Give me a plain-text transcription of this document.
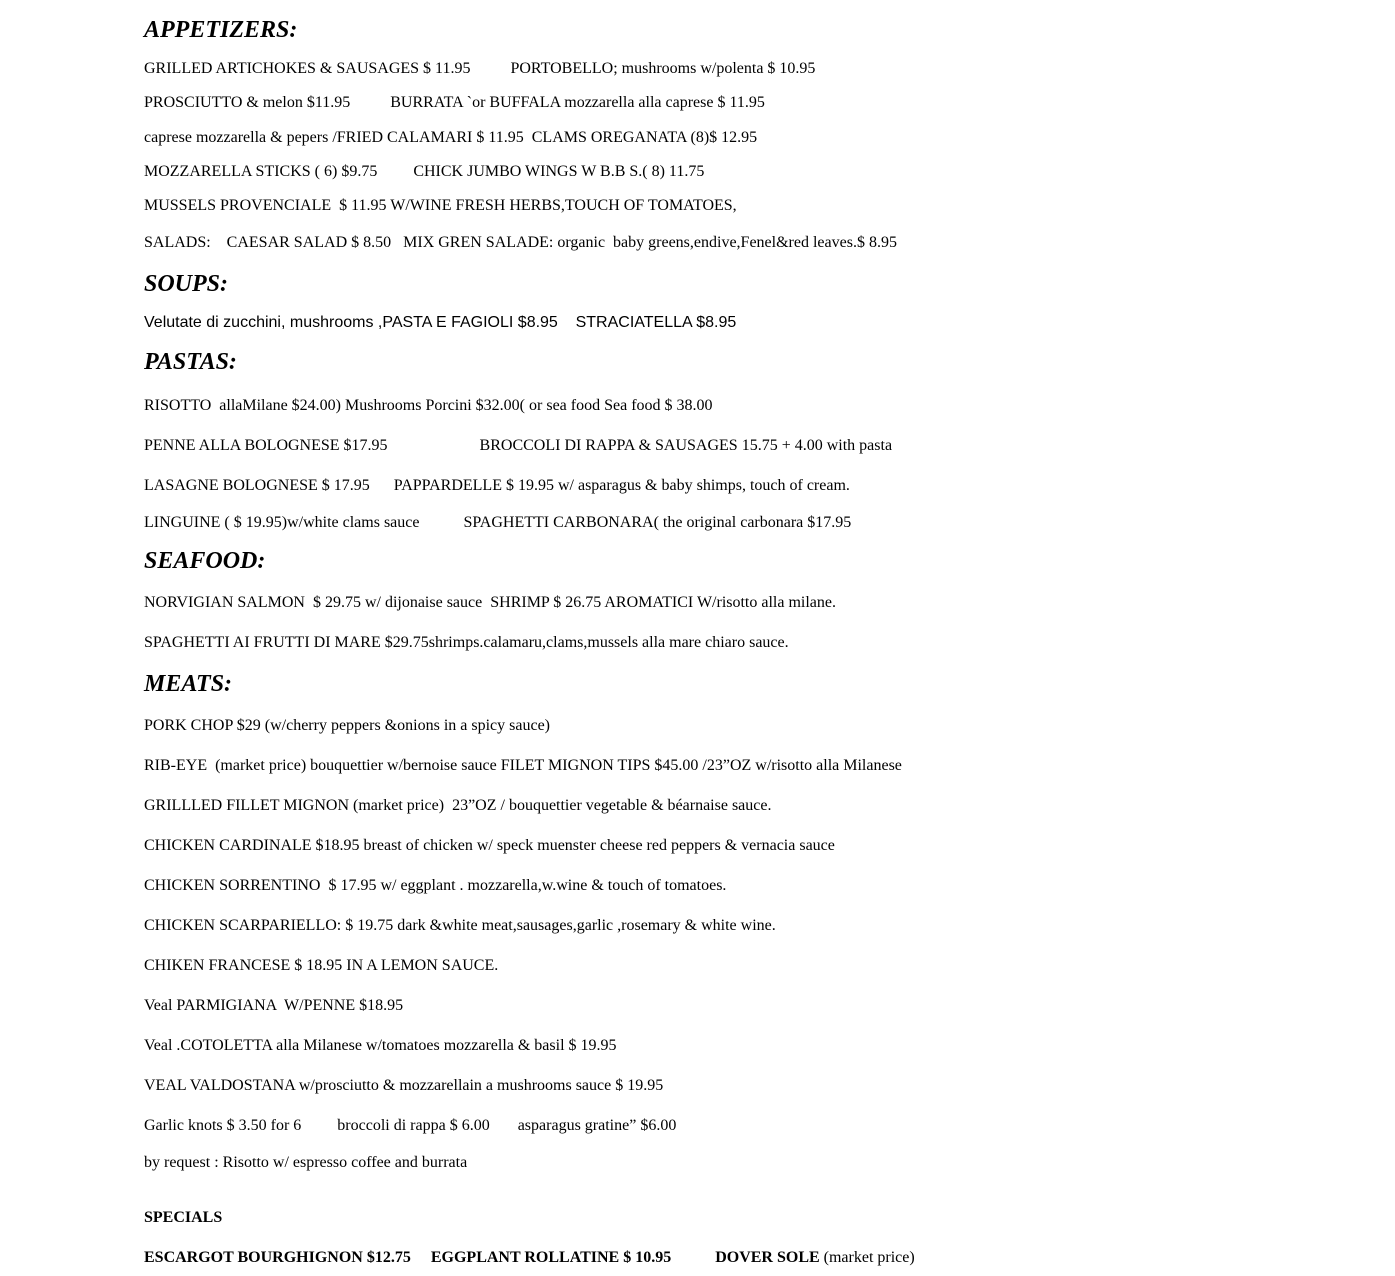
APPETIZERS:
GRILLED ARTICHOKES & SAUSAGES $ 11.95          PORTOBELLO; mushrooms w/polenta $ 10.95
PROSCIUTTO & melon $11.95          BURRATA `or BUFFALA mozzarella alla caprese $ 11.95
caprese mozzarella & pepers /FRIED CALAMARI $ 11.95  CLAMS OREGANATA (8)$ 12.95
MOZZARELLA STICKS ( 6) $9.75         CHICK JUMBO WINGS W B.B S.( 8) 11.75
MUSSELS PROVENCIALE  $ 11.95 W/WINE FRESH HERBS,TOUCH OF TOMATOES,
SALADS:    CAESAR SALAD $ 8.50   MIX GREN SALADE: organic  baby greens,endive,Fenel&red leaves.$ 8.95
SOUPS:
Velutate di zucchini, mushrooms ,PASTA E FAGIOLI $8.95    STRACIATELLA $8.95
PASTAS:
RISOTTO  allaMilane $24.00) Mushrooms Porcini $32.00( or sea food Sea food $ 38.00
PENNE ALLA BOLOGNESE $17.95                       BROCCOLI DI RAPPA & SAUSAGES 15.75 + 4.00 with pasta
LASAGNE BOLOGNESE $ 17.95      PAPPARDELLE $ 19.95 w/ asparagus & baby shimps, touch of cream.
LINGUINE ( $ 19.95)w/white clams sauce           SPAGHETTI CARBONARA( the original carbonara $17.95
SEAFOOD:
NORVIGIAN SALMON  $ 29.75 w/ dijonaise sauce  SHRIMP $ 26.75 AROMATICI W/risotto alla milane.
SPAGHETTI AI FRUTTI DI MARE $29.75shrimps.calamaru,clams,mussels alla mare chiaro sauce.
MEATS:
PORK CHOP $29 (w/cherry peppers &onions in a spicy sauce)
RIB-EYE  (market price) bouquettier w/bernoise sauce FILET MIGNON TIPS $45.00 /23”OZ w/risotto alla Milanese
GRILLLED FILLET MIGNON (market price)  23”OZ / bouquettier vegetable & béarnaise sauce.
CHICKEN CARDINALE $18.95 breast of chicken w/ speck muenster cheese red peppers & vernacia sauce
CHICKEN SORRENTINO  $ 17.95 w/ eggplant . mozzarella,w.wine & touch of tomatoes.
CHICKEN SCARPARIELLO: $ 19.75 dark &white meat,sausages,garlic ,rosemary & white wine.
CHIKEN FRANCESE $ 18.95 IN A LEMON SAUCE.
Veal PARMIGIANA  W/PENNE $18.95
Veal .COTOLETTA alla Milanese w/tomatoes mozzarella & basil $ 19.95
VEAL VALDOSTANA w/prosciutto & mozzarellain a mushrooms sauce $ 19.95
Garlic knots $ 3.50 for 6         broccoli di rappa $ 6.00       asparagus gratine” $6.00
by request : Risotto w/ espresso coffee and burrata
SPECIALS
ESCARGOT BOURGHIGNON $12.75     EGGPLANT ROLLATINE $ 10.95           DOVER SOLE (market price)
